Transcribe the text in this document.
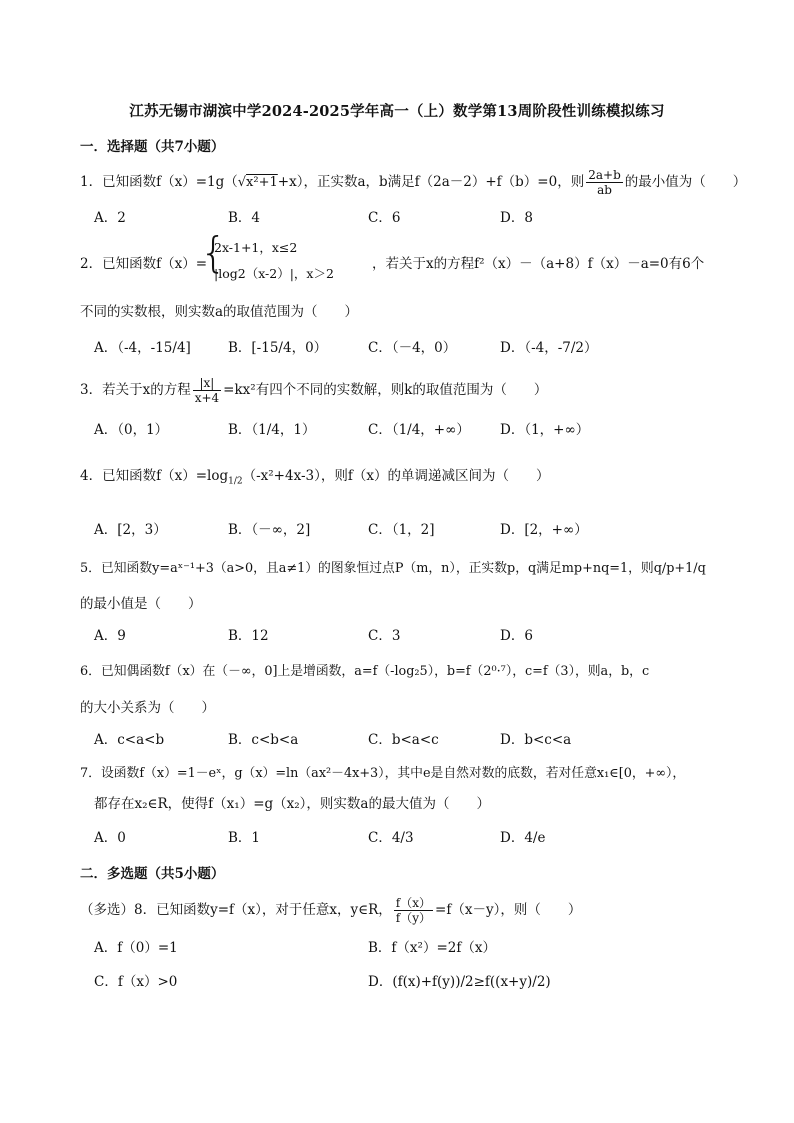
江苏无锡市湖滨中学2024-2025学年高一（上）数学第13周阶段性训练模拟练习
一．选择题（共7小题）
1．已知函数f（x）=1g（√x²+1+x），正实数a，b满足f（2a－2）+f（b）=0，则 $\frac{2a+b}{ab}$ 的最小值为（　　）
A．2	B．4	C．6	D．8
2．已知函数f（x）=
{
2x-1+1，x≤2
|log2（x-2）|，x＞2
，若关于x的方程f²（x）－（a+8）f（x）－a=0有6个
不同的实数根，则实数a的取值范围为（　　）
A．（-4，-15/4]	B．[-15/4，0）	C．（－4，0）	D．（-4，-7/2）
3．若关于x的方程 $\frac{|x|}{x+4} =kx^2$有四个不同的实数解，则k的取值范围为（　　）
A．（0，1）	B．（1/4，1）	C．（1/4，+∞） D．（1，+∞）
4．已知函数$f(x)=\log_{1/2}(-x^2+4x-3)$，则f（x）的单调递减区间为（　　）
A．[2，3）	B．（－∞，2]	C．（1，2]	D．[2，+∞）
5．已知函数y=aˣ⁻¹+3（a>0，且a≠1）的图象恒过点P（m，n），正实数p，q满足mp+nq=1，则q/p+1/q
的最小值是（　　）
A．9	B．12	C．3	D．6
6．已知偶函数f（x）在（－∞，0]上是增函数，a=f（-log₂5），b=f（2⁰·⁷），c=f（3），则a，b，c
的大小关系为（　　）
A．c<a<b	B．c<b<a	C．b<a<c	D．b<c<a
7．设函数f（x）=1－eˣ，g（x）=ln（ax²－4x+3），其中e是自然对数的底数，若对任意x₁∈[0，+∞），
都存在x₂∈R，使得f（x₁）=g（x₂），则实数a的最大值为（　　）
A．0	B．1	C．4/3	D．4/e
二．多选题（共5小题）
（多选）8．已知函数y=f（x），对于任意x，y∈R， $\frac{f(x)}{f(y)} =f(x-y)$，则（　　）
A．f（0）=1	B．f（x²）=2f（x）
C．f（x）>0	D．(f(x)+f(y))/2≥f((x+y)/2)
